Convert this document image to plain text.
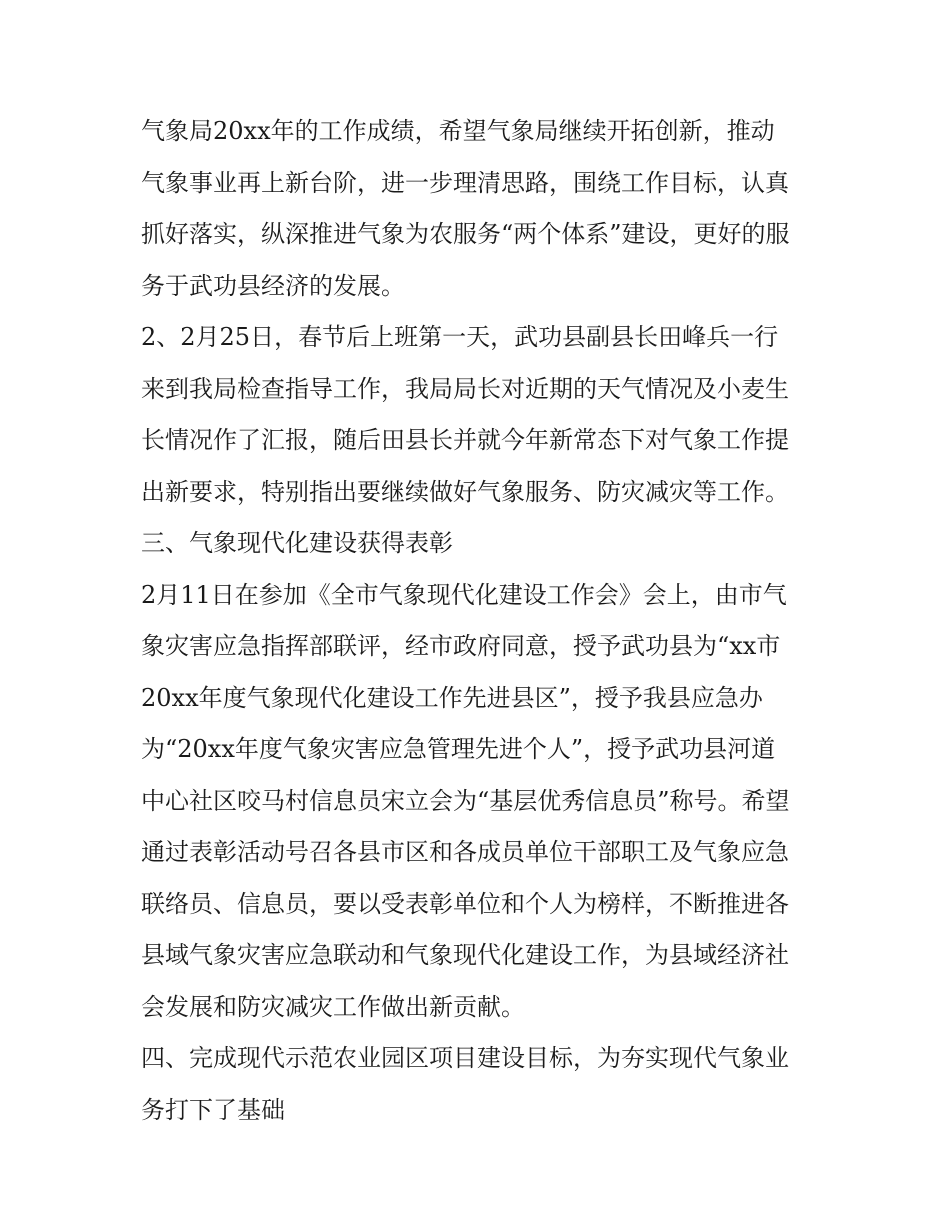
气象局20xx年的工作成绩，希望气象局继续开拓创新，推动
气象事业再上新台阶，进一步理清思路，围绕工作目标，认真
抓好落实，纵深推进气象为农服务“两个体系”建设，更好的服
务于武功县经济的发展。
2、2月25日，春节后上班第一天，武功县副县长田峰兵一行
来到我局检查指导工作，我局局长对近期的天气情况及小麦生
长情况作了汇报，随后田县长并就今年新常态下对气象工作提
出新要求，特别指出要继续做好气象服务、防灾减灾等工作。
三、气象现代化建设获得表彰
2月11日在参加《全市气象现代化建设工作会》会上，由市气
象灾害应急指挥部联评，经市政府同意，授予武功县为“xx市
20xx年度气象现代化建设工作先进县区”，授予我县应急办
为“20xx年度气象灾害应急管理先进个人”，授予武功县河道
中心社区咬马村信息员宋立会为“基层优秀信息员”称号。希望
通过表彰活动号召各县市区和各成员单位干部职工及气象应急
联络员、信息员，要以受表彰单位和个人为榜样，不断推进各
县域气象灾害应急联动和气象现代化建设工作，为县域经济社
会发展和防灾减灾工作做出新贡献。
四、完成现代示范农业园区项目建设目标，为夯实现代气象业
务打下了基础
